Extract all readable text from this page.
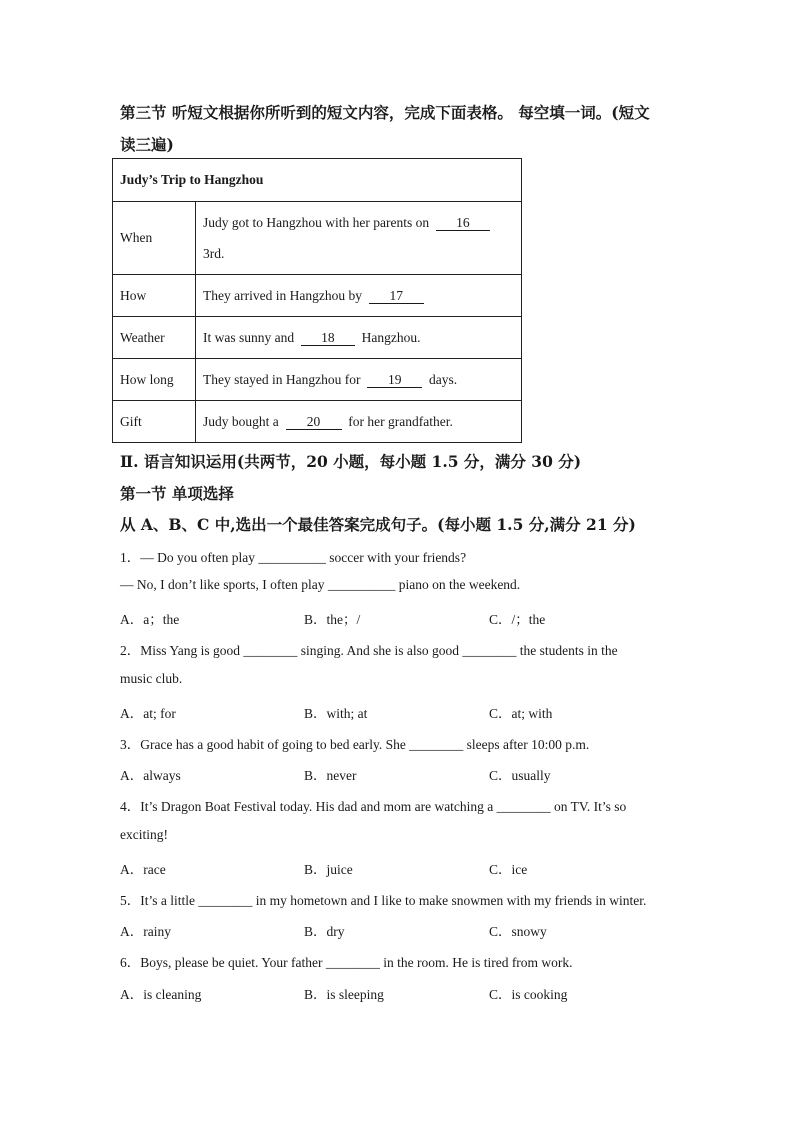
第三节 听短文根据你所听到的短文内容，完成下面表格。 每空填一词。(短文
读三遍)
Judy’s Trip to Hangzhou	
When	Judy got to Hangzhou with her parents on 16
3rd.
How	They arrived in Hangzhou by 17
Weather	It was sunny and 18 Hangzhou.
How long	They stayed in Hangzhou for 19 days.
Gift	Judy bought a 20 for her grandfather.
Ⅱ. 语言知识运用(共两节，20 小题，每小题 1.5 分，满分 30 分)
第一节 单项选择
从 A、B、C 中,选出一个最佳答案完成句子。(每小题 1.5 分,满分 21 分)
1．— Do you often play __________ soccer with your friends?
— No, I don’t like sports, I often play __________ piano on the weekend.
A．a；the	B．the；/	C．/；the
2．Miss Yang is good ________ singing. And she is also good ________ the students in the
music club.
A．at; for	B．with; at	C．at; with
3．Grace has a good habit of going to bed early. She ________ sleeps after 10:00 p.m.
A．always	B．never	C．usually
4．It’s Dragon Boat Festival today. His dad and mom are watching a ________ on TV. It’s so
exciting!
A．race	B．juice	C．ice
5．It’s a little ________ in my hometown and I like to make snowmen with my friends in winter.
A．rainy	B．dry	C．snowy
6．Boys, please be quiet. Your father ________ in the room. He is tired from work.
A．is cleaning	B．is sleeping	C．is cooking
